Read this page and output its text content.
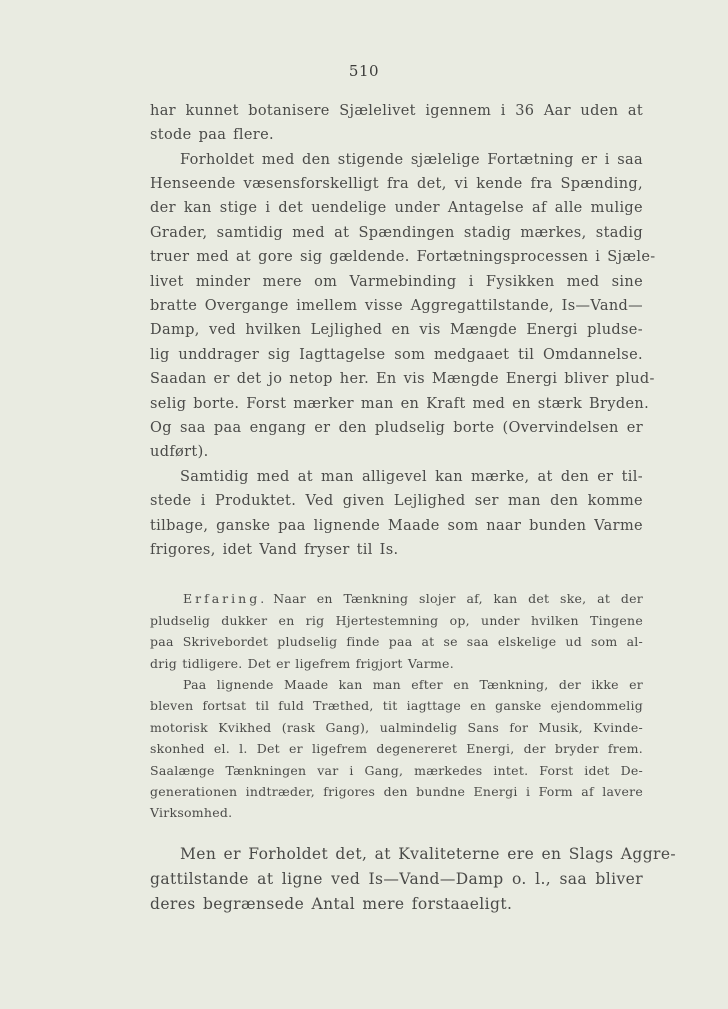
510

har kunnet botanisere Sjælelivet igennem i 36 Aar uden at

stode paa flere.

Forholdet med den stigende sjælelige Fortætning er i saa

Henseende væsensforskelligt fra det, vi kende fra Spænding,

der kan stige i det uendelige under Antagelse af alle mulige

Grader, samtidig med at Spændingen stadig mærkes, stadig

truer med at gore sig gældende. Fortætningsprocessen i Sjæle-

livet minder mere om Varmebinding i Fysikken med sine

bratte Overgange imellem visse Aggregattilstande, Is—Vand—

Damp, ved hvilken Lejlighed en vis Mængde Energi pludse-

lig unddrager sig Iagttagelse som medgaaet til Omdannelse.

Saadan er det jo netop her. En vis Mængde Energi bliver plud-

selig borte. Forst mærker man en Kraft med en stærk Bryden.

Og saa paa engang er den pludselig borte (Overvindelsen er

udført).

Samtidig med at man alligevel kan mærke, at den er til-

stede i Produktet. Ved given Lejlighed ser man den komme

tilbage, ganske paa lignende Maade som naar bunden Varme

frigores, idet Vand fryser til Is.

Erfaring. Naar en Tænkning slojer af, kan det ske, at der

pludselig dukker en rig Hjertestemning op, under hvilken Tingene

paa Skrivebordet pludselig finde paa at se saa elskelige ud som al-

drig tidligere. Det er ligefrem frigjort Varme.

Paa lignende Maade kan man efter en Tænkning, der ikke er

bleven fortsat til fuld Træthed, tit iagttage en ganske ejendommelig

motorisk Kvikhed (rask Gang), ualmindelig Sans for Musik, Kvinde-

skonhed el. l. Det er ligefrem degenereret Energi, der bryder frem.

Saalænge Tænkningen var i Gang, mærkedes intet. Forst idet De-

generationen indtræder, frigores den bundne Energi i Form af lavere

Virksomhed.

Men er Forholdet det, at Kvaliteterne ere en Slags Aggre-

gattilstande at ligne ved Is—Vand—Damp o. l., saa bliver

deres begrænsede Antal mere forstaaeligt.
